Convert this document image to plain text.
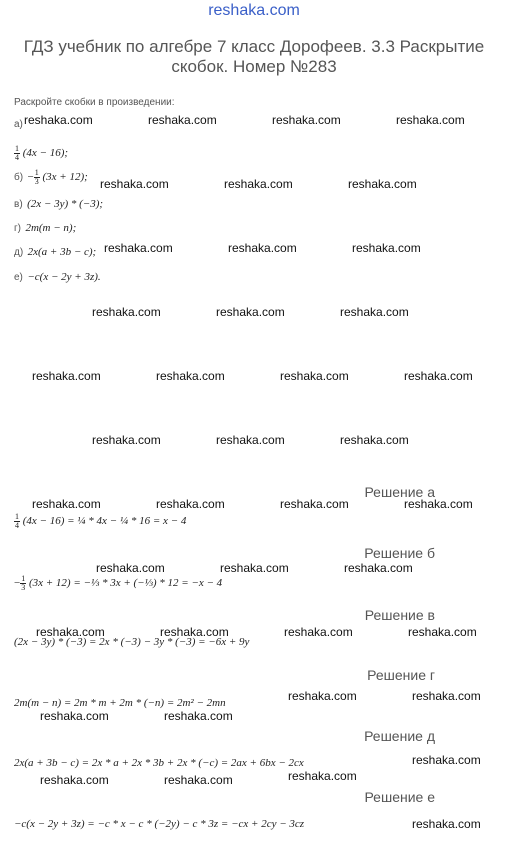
reshaka.com
ГДЗ учебник по алгебре 7 класс Дорофеев. 3.3 Раскрытие скобок. Номер №283
Раскройте скобки в произведении:
а)
$\frac{1}{4} (4x - 16)$;
$б) - \frac{1}{3} (3x + 12)$;
в) (2x − 3y) * (−3);
г) 2m(m − n);
д) 2x(a + 3b − c);
е) −c(x − 2y + 3z).
Решение а
$\frac{1}{4} (4x - 16)$ = ¼ * 4x − ¼ * 16 = x − 4
Решение б
− $\frac{1}{3} (3x + 12)$ = −⅓ * 3x + (−⅓) * 12 = −x − 4
Решение в
(2x − 3y) * (−3) = 2x * (−3) − 3y * (−3) = −6x + 9y
Решение г
2m(m − n) = 2m * m + 2m * (−n) = 2m² − 2mn
Решение д
2x(a + 3b − c) = 2x * a + 2x * 3b + 2x * (−c) = 2ax + 6bx − 2cx
Решение е
−c(x − 2y + 3z) = −c * x − c * (−2y) − c * 3z = −cx + 2cy − 3cz
reshaka.com	reshaka.com	reshaka.com	reshaka.com
reshaka.com	reshaka.com	reshaka.com
reshaka.com	reshaka.com	reshaka.com
reshaka.com	reshaka.com	reshaka.com
reshaka.com	reshaka.com	reshaka.com	reshaka.com
reshaka.com	reshaka.com	reshaka.com
reshaka.com	reshaka.com	reshaka.com	reshaka.com
reshaka.com	reshaka.com	reshaka.com
reshaka.com	reshaka.com	reshaka.com	reshaka.com
reshaka.com	reshaka.com
reshaka.com	reshaka.com
reshaka.com
reshaka.com	reshaka.com	reshaka.com
reshaka.com
